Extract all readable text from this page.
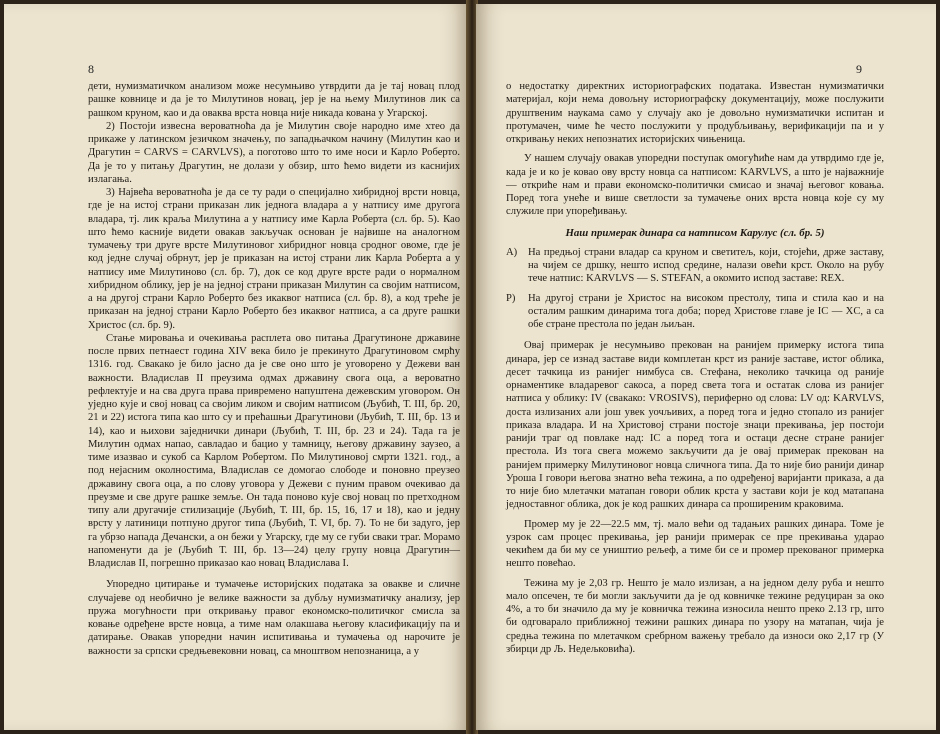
8

дети, нумизматичком анализом може несумњиво утврдити да је тај новац плод рашке ковнице и да је то Милутинов новац, јер је на њему Милутинов лик са рашком круном, као и да оваква врста новца није никада кована у Угарској.

2) Постоји извесна вероватноћа да је Милутин своје народно име хтео да прикаже у латинском језичком значењу, по западњачком начину (Милутин као и Драгутин = CARVS = CARVLVS), а поготово што то име носи и Карло Роберто. Да је то у питању Драгутин, не долази у обзир, што ћемо видети из каснијих излагања.

3) Највећа вероватноћа је да се ту ради о специјално хибридној врсти новца, где је на истој страни приказан лик једнога владара а у натпису име другога владара, тј. лик краља Милутина а у натпису име Карла Роберта (сл. бр. 5). Као што ћемо касније видети овакав закључак основан је највише на аналогном тумачењу три друге врсте Милутиновог хибридног новца сродног овоме, где је код једне случај обрнут, јер је приказан на истој страни лик Карла Роберта а у натпису име Милутиново (сл. бр. 7), док се код друге врсте ради о нормалном хибридном облику, јер је на једној страни приказан Милутин са својим натписом, а на другој страни Карло Роберто без икаквог натписа (сл. бр. 8), а код треће је приказан на једној страни Карло Роберто без икаквог натписа, а са друге рашки Христос (сл. бр. 9).

Стање мировања и очекивања расплета ово питања Драгутиноне државине после првих петнаест година XIV века било је прекинуто Драгутиновом смрћу 1316. год. Свакако је било јасно да је све оно што је уговорено у Дежеви ван важности. Владислав II преузима одмах државину свога оца, а вероватно рефлектује и на сва друга права привремено напуштена дежевским уговором. Он уједно кује и свој новац са својим ликом и својим натписом (Љубић, Т. III, бр. 20, 21 и 22) истога типа као што су и прећашњи Драгутинови (Љубић, Т. III, бр. 13 и 14), као и њихови заједнички динари (Љубић, Т. III, бр. 23 и 24). Тада га је Милутин одмах напао, савладао и бацио у тамницу, његову државину заузео, а тиме изазвао и сукоб са Карлом Робертом. По Милутиновој смрти 1321. год., а под нејасним околностима, Владислав се домогао слободе и поновно преузео државину свога оца, а по слову уговора у Дежеви с пуним правом очекивао да преузме и све друге рашке земље. Он тада поново кује свој новац по претходном типу али другачије стилизације (Љубић, Т. III, бр. 15, 16, 17 и 18), као и једну врсту у латиници потпуно другог типа (Љубић, Т. VI, бр. 7). То не би задуго, јер га убрзо напада Дечански, а он бежи у Угарску, где му се губи сваки траг. Морамо напоменути да је (Љубић Т. III, бр. 13—24) целу групу новца Драгутин—Владислав II, погрешно приказао као новац Владислава I.

Упоредно цитирање и тумачење историјских података за овакве и сличне случајеве од необично је велике важности за дубљу нумизматичку анализу, јер пружа могућности при откривању правог економско-политичког смисла за ковање одређене врсте новца, а тиме нам олакшава његову класификацију па и датирање. Овакав упоредни начин испитивања и тумачења од нарочите је важности за српски средњевековни новац, са мноштвом непознаница, а у

9

о недостатку директних историографских података. Известан нумизматички материјал, који нема довољну историографску документацију, може послужити друштвеним наукама само у случају ако је довољно нумизматички испитан и протумачен, чиме ће често послужити у продубљивању, верификацији па и у откривању неких непознатих историјских чињеница.

У нашем случају овакав упоредни поступак омогућиће нам да утврдимо где је, када је и ко је ковао ову врсту новца са натписом: KARVLVS, а што је најважније — откриће нам и прави економско-политички смисао и значај његовог ковања. Поред тога унеће и више светлости за тумачење оних врста новца које су му служиле при упоређивању.

Наш примерак динара са натписом Карулус (сл. бр. 5)
А)	На предњој страни владар са круном и светитељ, који, стојећи, држе заставу, на чијем се дршку, нешто испод средине, налази овећи крст. Около на рубу тече натпис: KARVLVS — S. STEFAN, а окомито испод заставе: REX.
Р)	На другој страни је Христос на високом престолу, типа и стила као и на осталим рашким динарима тога доба; поред Христове главе је IC — XC, а са обе стране престола по један љиљан.

Овај примерак је несумњиво прекован на ранијем примерку истога типа динара, јер се изнад заставе види комплетан крст из раније заставе, истог облика, десет тачкица из ранијег нимбуса св. Стефана, неколико тачкица од раније орнаментике владаревог сакоса, а поред света тога и остатак слова из ранијег натписа у облику: IV (свакако: VROSIVS), периферно од слова: LV од: KARVLVS, доста излизаних али још увек уочљивих, а поред тога и једно стопало из ранијег приказа владара. И на Христовој страни постоје знаци прекивања, јер постоји ранији траг од повлаке над: IC а поред тога и остаци десне стране ранијег престола. Из тога свега можемо закључити да је овај примерак прекован на ранијем примерку Милутиновог новца сличнога типа. Да то није био ранији динар Уроша I говори његова знатно већа тежина, а по одређеној варијанти приказа, а да то није био млетачки матапан говори облик крста у застави који је код матапана једноставног облика, док је код рашких динара са проширеним краковима.

Промер му је 22—22.5 мм, тј. мало већи од тадањих рашких динара. Томе је узрок сам процес прекивања, јер ранији примерак се пре прекивања ударао чекићем да би му се уништио рељеф, а тиме би се и промер прекованог примерка нешто повећао.

Тежина му је 2,03 гр. Нешто је мало излизан, а на једном делу руба и нешто мало опсечен, те би могли закључити да је од ковничке тежине редуциран за око 4%, а то би значило да му је ковничка тежина износила нешто преко 2.13 гр, што би одговарало приближној тежини рашких динара по узору на матапан, чија је средња тежина по млетачком сребрном важењу требало да износи око 2,17 гр (У збирци др Љ. Недељковића).
